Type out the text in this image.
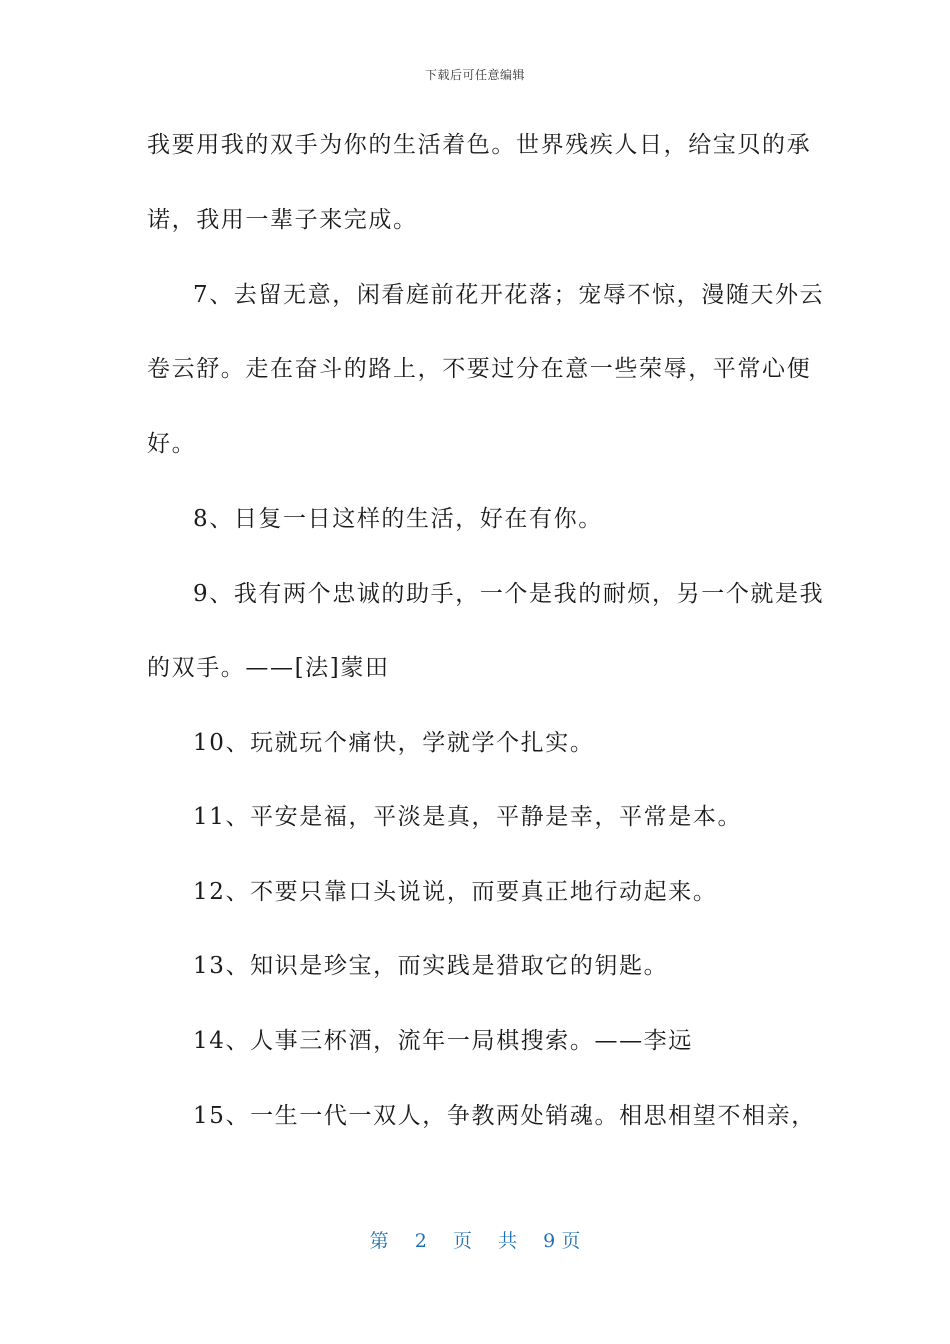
下载后可任意编辑
我要用我的双手为你的生活着色。世界残疾人日，给宝贝的承
诺，我用一辈子来完成。
7、去留无意，闲看庭前花开花落；宠辱不惊，漫随天外云
卷云舒。走在奋斗的路上，不要过分在意一些荣辱，平常心便
好。
8、日复一日这样的生活，好在有你。
9、我有两个忠诚的助手，一个是我的耐烦，另一个就是我
的双手。——[法]蒙田
10、玩就玩个痛快，学就学个扎实。
11、平安是福，平淡是真，平静是幸，平常是本。
12、不要只靠口头说说，而要真正地行动起来。
13、知识是珍宝，而实践是猎取它的钥匙。
14、人事三杯酒，流年一局棋搜索。——李远
15、一生一代一双人，争教两处销魂。相思相望不相亲，
第 2 页 共 9 页
